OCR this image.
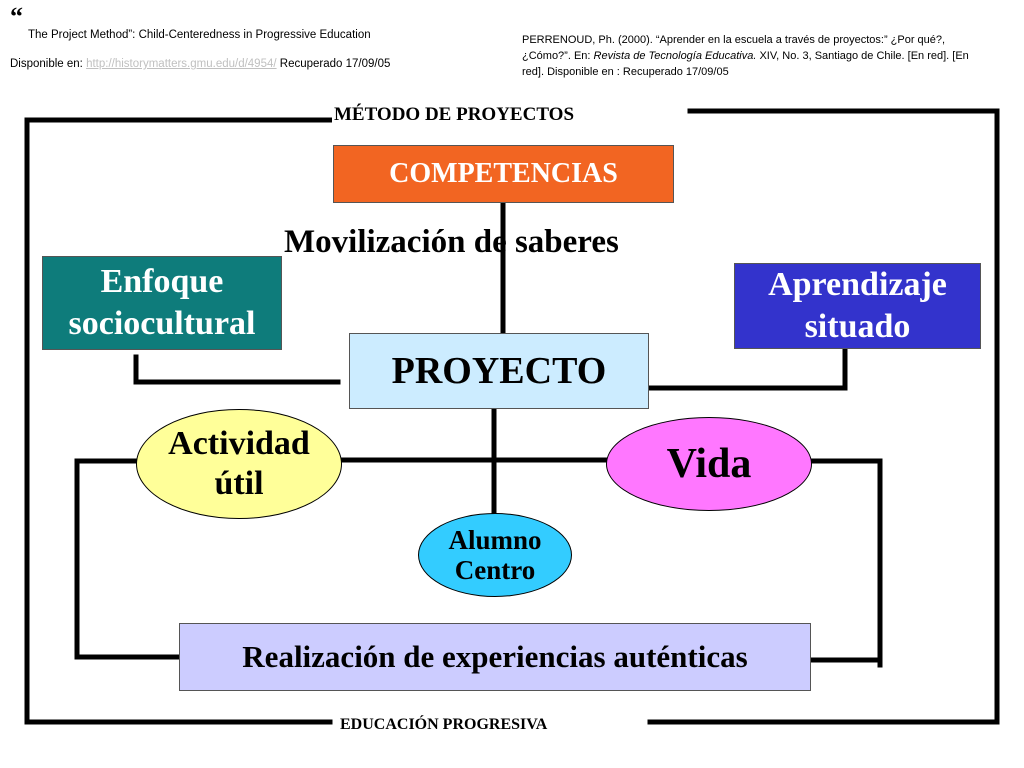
“
The Project Method”: Child-Centeredness in Progressive Education
Disponible en: http://historymatters.gmu.edu/d/4954/ Recuperado 17/09/05
PERRENOUD, Ph. (2000). “Aprender en la escuela a través de proyectos:” ¿Por qué?,
¿Cómo?”. En: Revista de Tecnología Educativa. XIV, No. 3, Santiago de Chile. [En red]. [En
red]. Disponible en : Recuperado 17/09/05
MÉTODO DE PROYECTOS
EDUCACIÓN PROGRESIVA
COMPETENCIAS
Movilización de saberes
Enfoque
sociocultural
Aprendizaje
situado
PROYECTO
Actividad
útil	Vida
Alumno
Centro
Realización de experiencias auténticas
